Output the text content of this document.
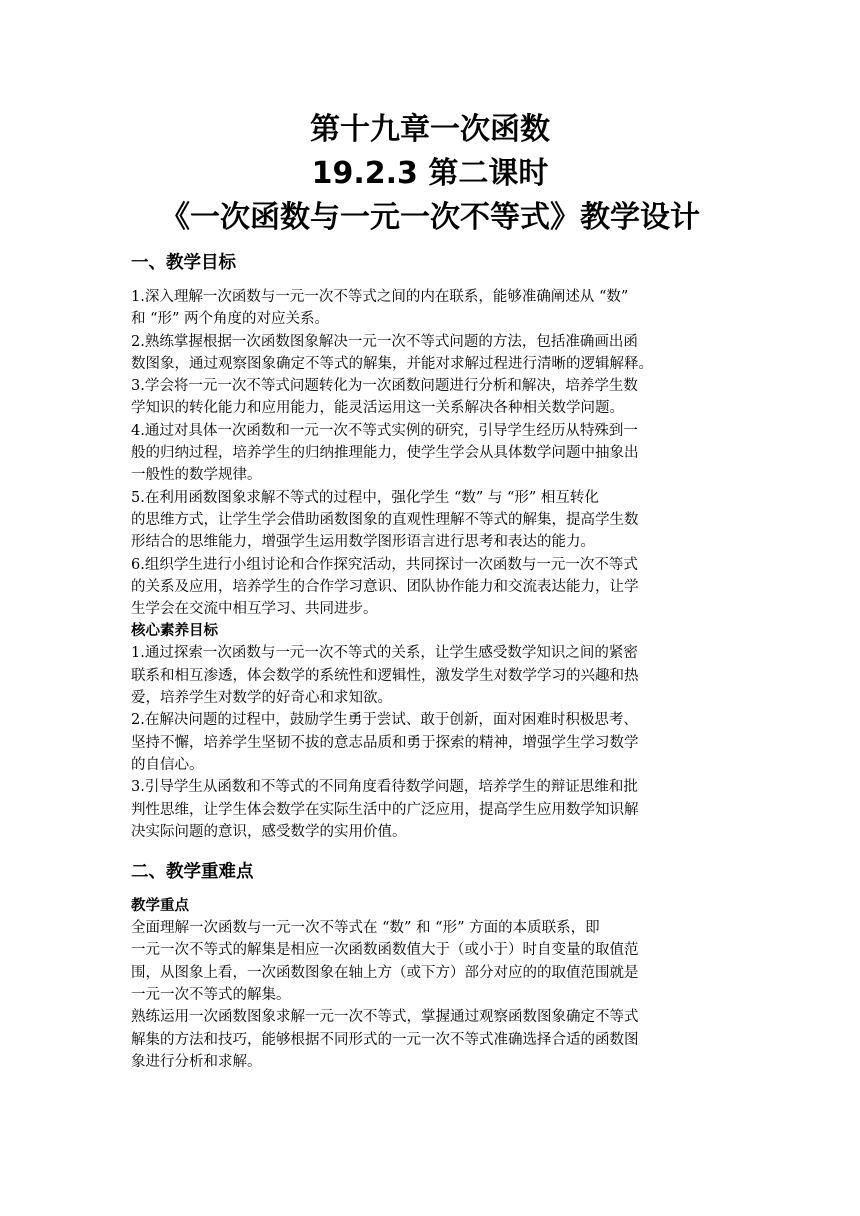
第十九章一次函数
19.2.3 第二课时
《一次函数与一元一次不等式》教学设计
一、教学目标
1.深入理解一次函数与一元一次不等式之间的内在联系，能够准确阐述从 “数”
和 “形” 两个角度的对应关系。
2.熟练掌握根据一次函数图象解决一元一次不等式问题的方法，包括准确画出函
数图象，通过观察图象确定不等式的解集，并能对求解过程进行清晰的逻辑解释。
3.学会将一元一次不等式问题转化为一次函数问题进行分析和解决，培养学生数
学知识的转化能力和应用能力，能灵活运用这一关系解决各种相关数学问题。
4.通过对具体一次函数和一元一次不等式实例的研究，引导学生经历从特殊到一
般的归纳过程，培养学生的归纳推理能力，使学生学会从具体数学问题中抽象出
一般性的数学规律。
5.在利用函数图象求解不等式的过程中，强化学生 “数” 与 “形” 相互转化
的思维方式，让学生学会借助函数图象的直观性理解不等式的解集，提高学生数
形结合的思维能力，增强学生运用数学图形语言进行思考和表达的能力。
6.组织学生进行小组讨论和合作探究活动，共同探讨一次函数与一元一次不等式
的关系及应用，培养学生的合作学习意识、团队协作能力和交流表达能力，让学
生学会在交流中相互学习、共同进步。
核心素养目标
1.通过探索一次函数与一元一次不等式的关系，让学生感受数学知识之间的紧密
联系和相互渗透，体会数学的系统性和逻辑性，激发学生对数学学习的兴趣和热
爱，培养学生对数学的好奇心和求知欲。
2.在解决问题的过程中，鼓励学生勇于尝试、敢于创新，面对困难时积极思考、
坚持不懈，培养学生坚韧不拔的意志品质和勇于探索的精神，增强学生学习数学
的自信心。
3.引导学生从函数和不等式的不同角度看待数学问题，培养学生的辩证思维和批
判性思维，让学生体会数学在实际生活中的广泛应用，提高学生应用数学知识解
决实际问题的意识，感受数学的实用价值。
二、教学重难点
教学重点
全面理解一次函数与一元一次不等式在 “数” 和 “形” 方面的本质联系，即
一元一次不等式的解集是相应一次函数函数值大于（或小于）时自变量的取值范
围，从图象上看，一次函数图象在轴上方（或下方）部分对应的的取值范围就是
一元一次不等式的解集。
熟练运用一次函数图象求解一元一次不等式，掌握通过观察函数图象确定不等式
解集的方法和技巧，能够根据不同形式的一元一次不等式准确选择合适的函数图
象进行分析和求解。
